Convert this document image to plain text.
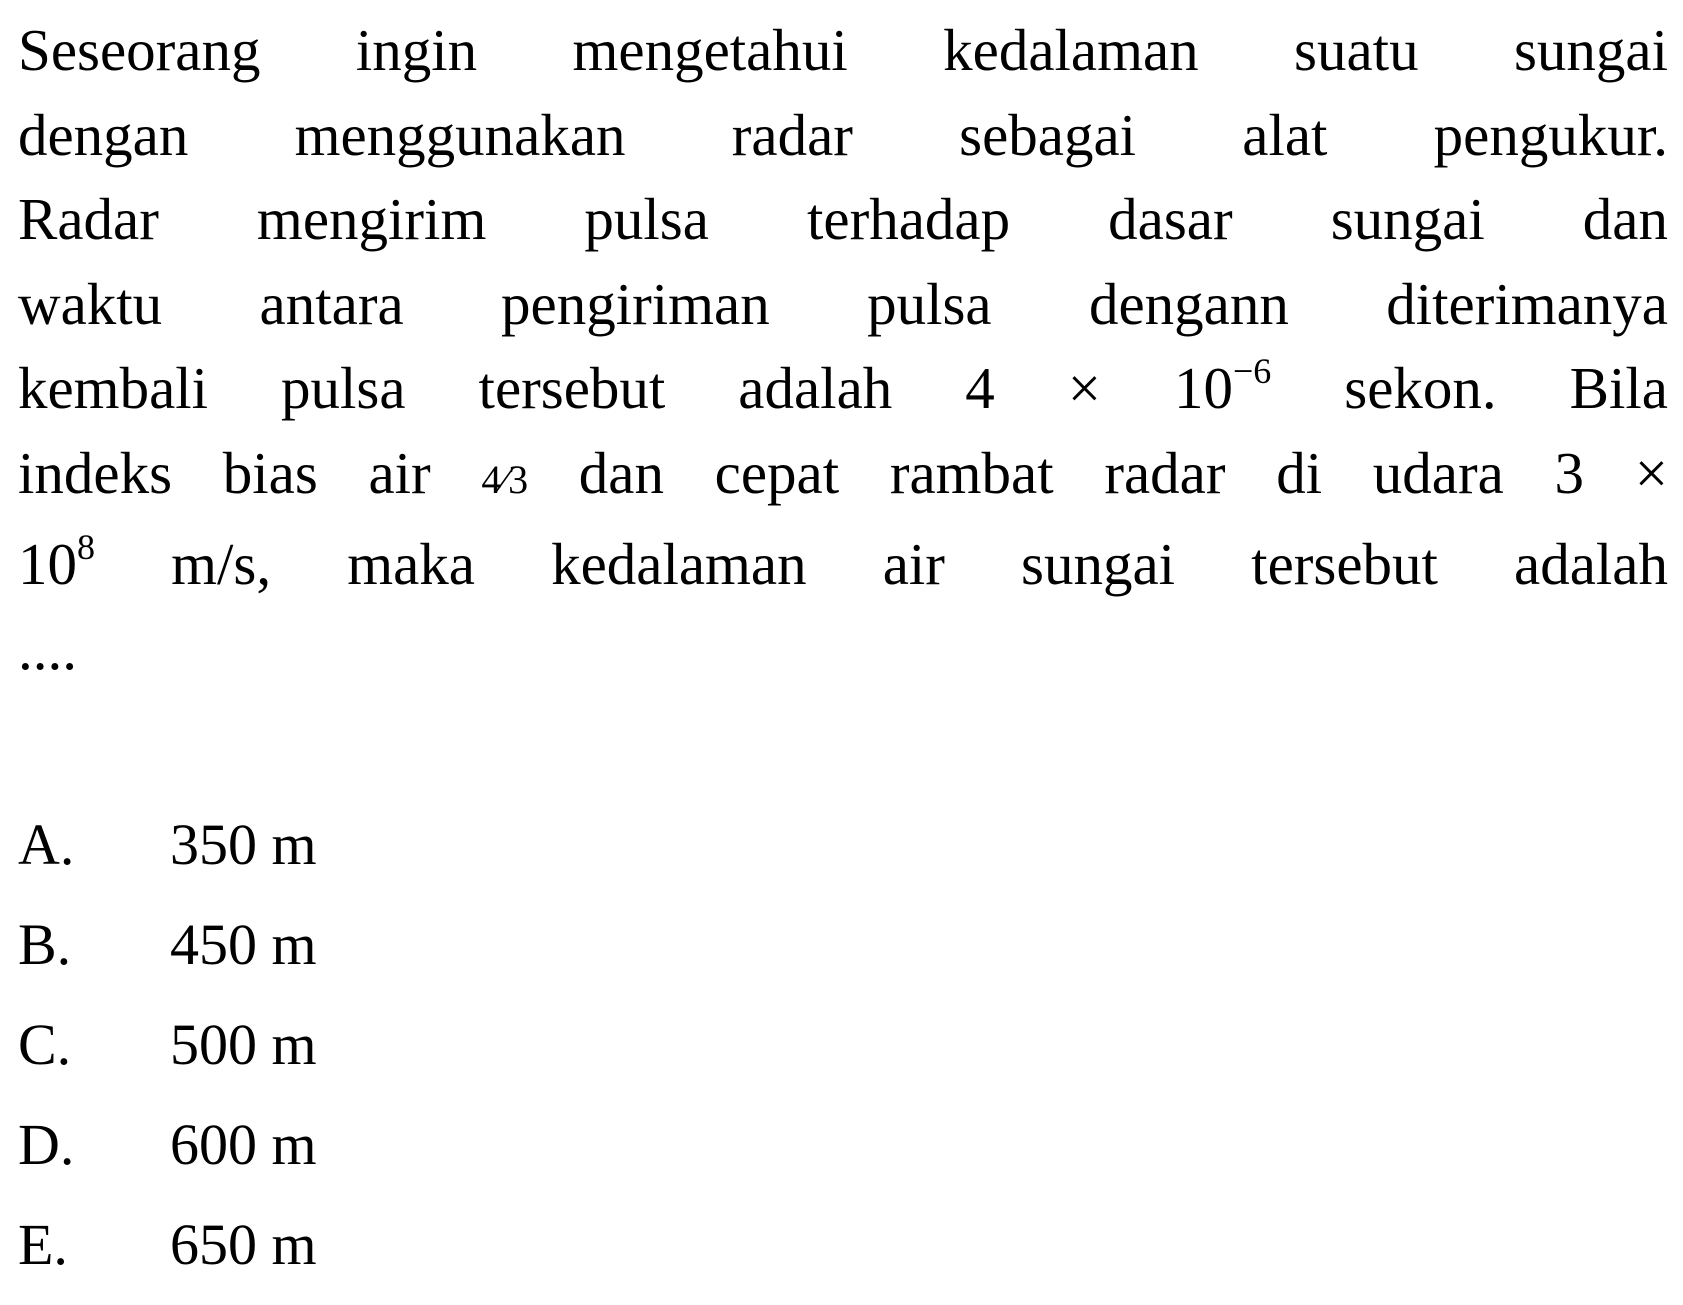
Seseorang ingin mengetahui kedalaman suatu sungai
dengan menggunakan radar sebagai alat pengukur.
Radar mengirim pulsa terhadap dasar sungai dan
waktu antara pengiriman pulsa dengann diterimanya
kembali pulsa tersebut adalah $4 \times 10^{-6}$ sekon. Bila
indeks bias air 4⁄3 dan cepat rambat radar di udara 3 ×
$10^8$ m/s, maka kedalaman air sungai tersebut adalah
....

A.	350 m
B.	450 m
C.	500 m
D.	600 m
E.	650 m
